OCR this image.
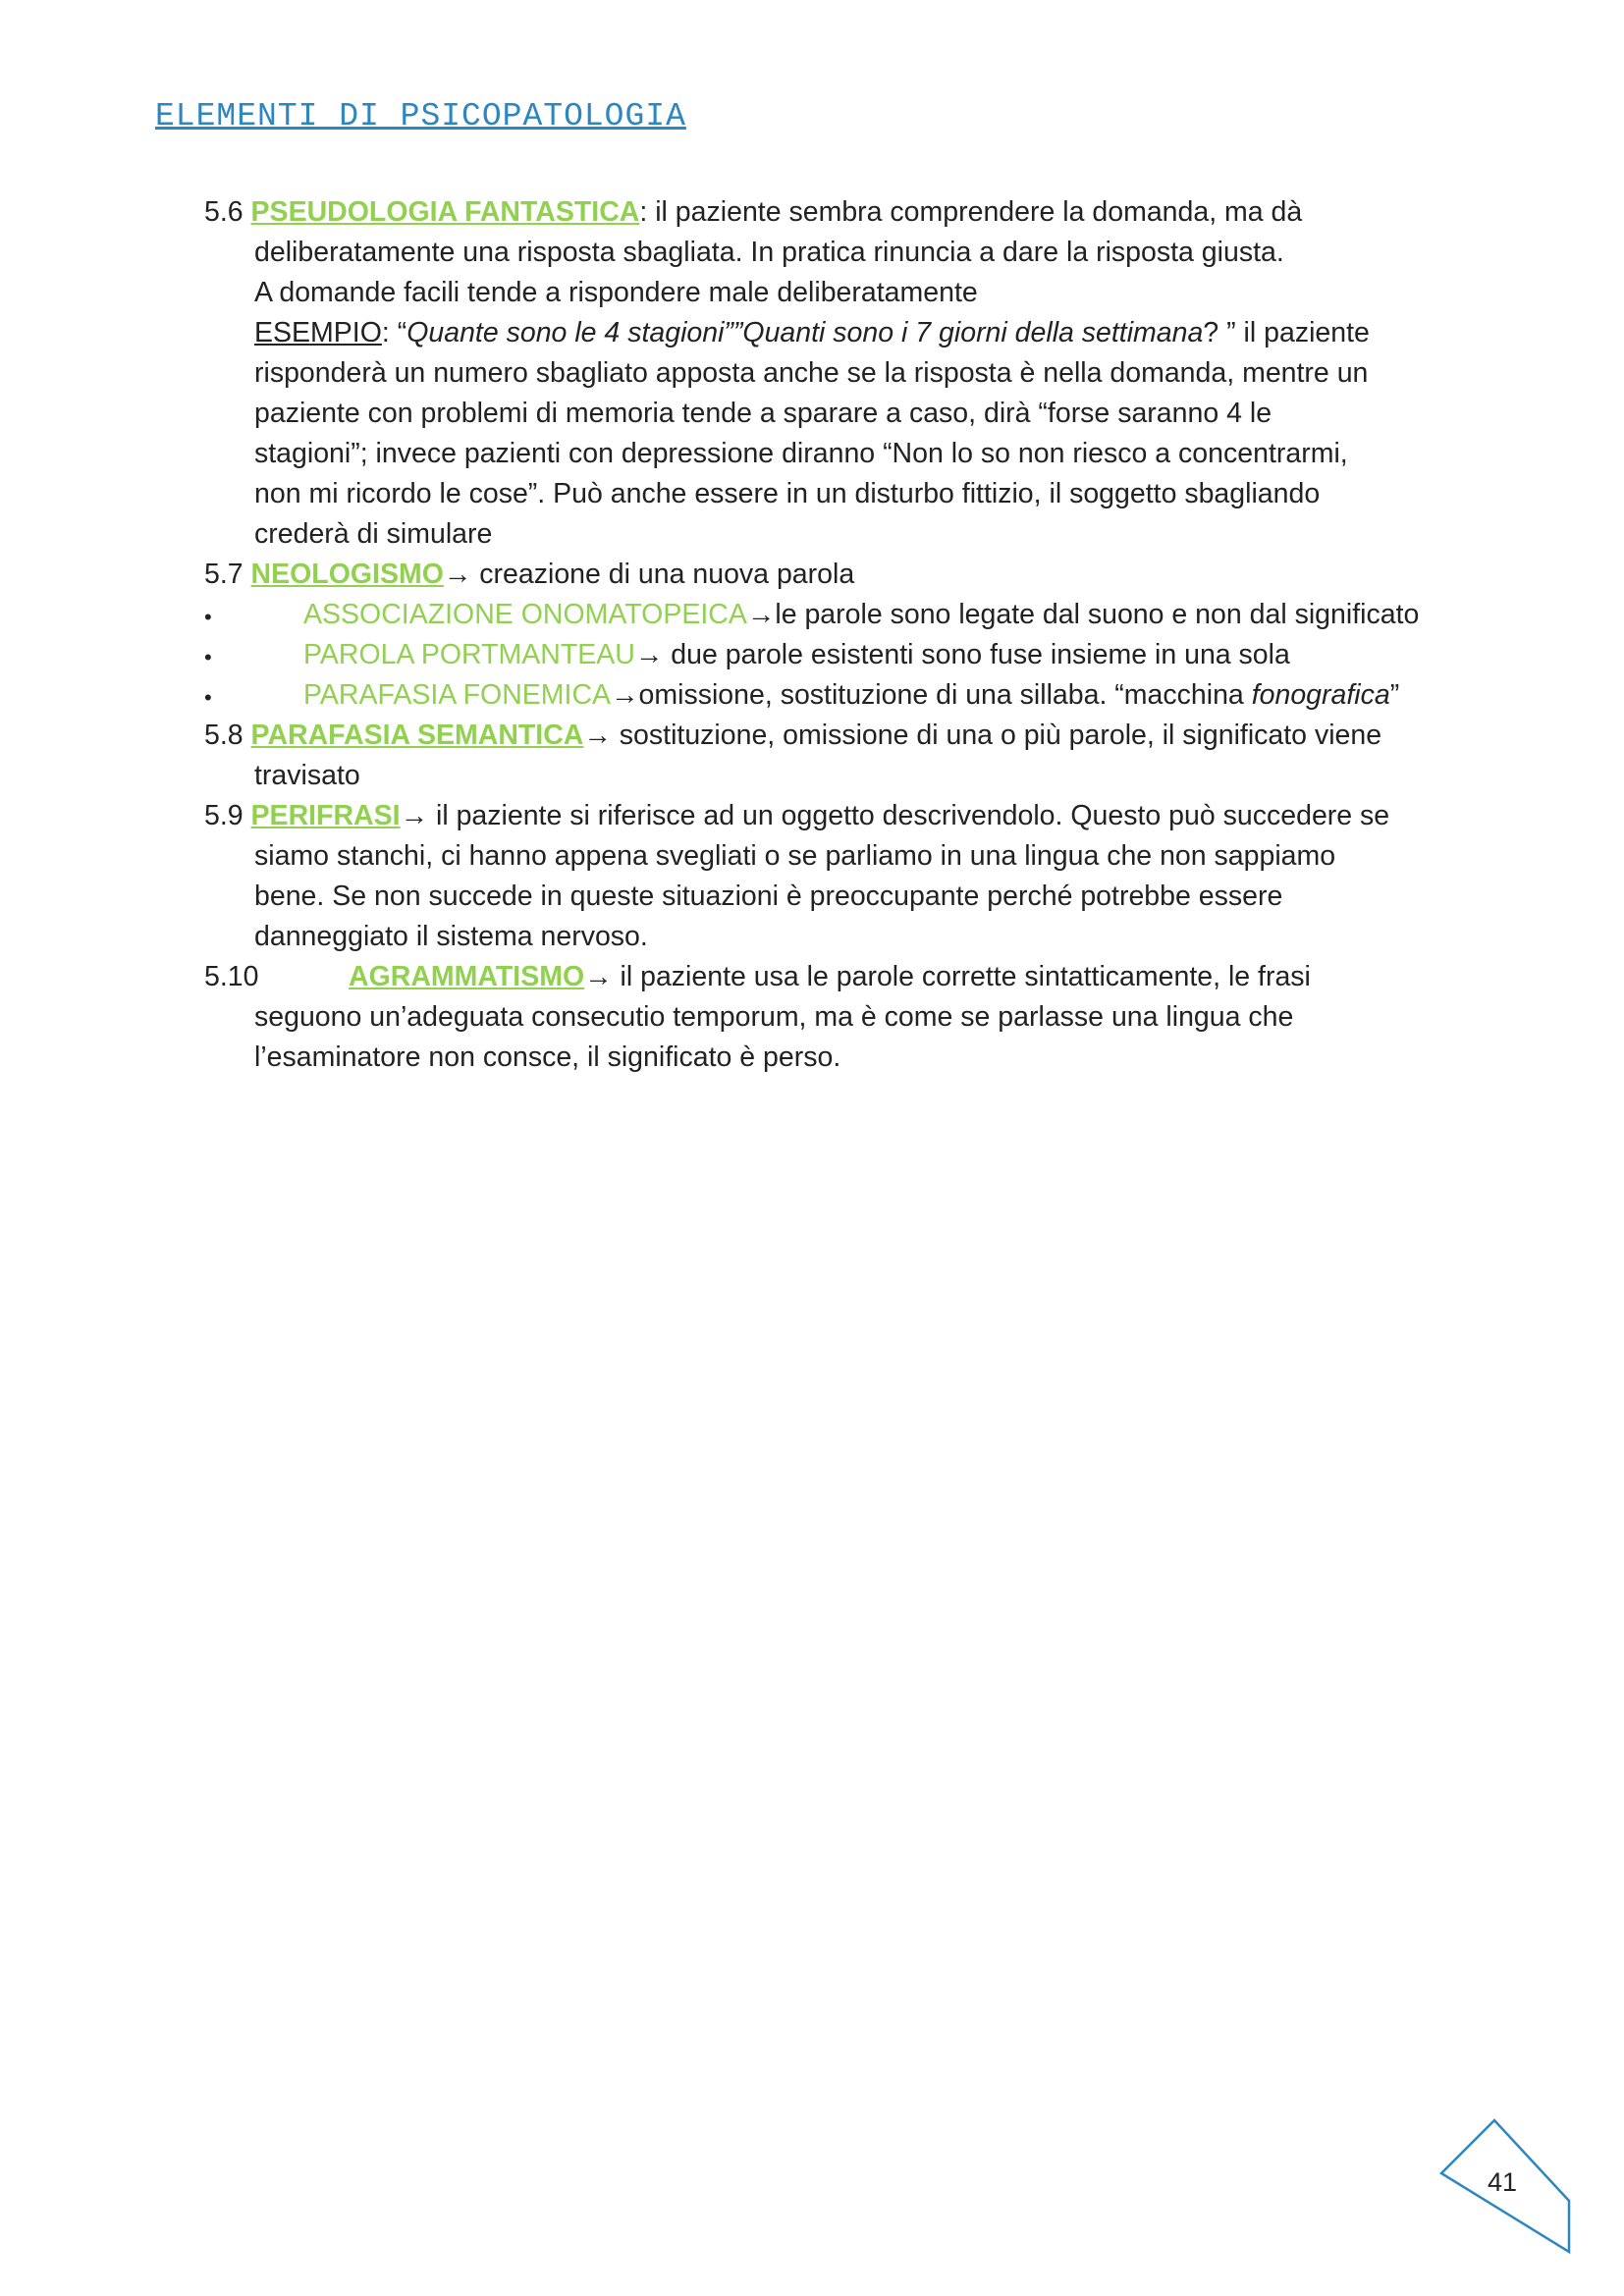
ELEMENTI DI PSICOPATOLOGIA
5.6 PSEUDOLOGIA FANTASTICA: il paziente sembra comprendere la domanda, ma dà
deliberatamente una risposta sbagliata. In pratica rinuncia a dare la risposta giusta.
A domande facili tende a rispondere male deliberatamente
ESEMPIO: “Quante sono le 4 stagioni””Quanti sono i 7 giorni della settimana? ” il paziente
risponderà un numero sbagliato apposta anche se la risposta è nella domanda, mentre un
paziente con problemi di memoria tende a sparare a caso, dirà “forse saranno 4 le
stagioni”; invece pazienti con depressione diranno “Non lo so non riesco a concentrarmi,
non mi ricordo le cose”. Può anche essere in un disturbo fittizio, il soggetto sbagliando
crederà di simulare
5.7 NEOLOGISMO→ creazione di una nuova parola
•	ASSOCIAZIONE ONOMATOPEICA→le parole sono legate dal suono e non dal significato
•	PAROLA PORTMANTEAU→ due parole esistenti sono fuse insieme in una sola
•	PARAFASIA FONEMICA→omissione, sostituzione di una sillaba. “macchina fonografica”
5.8 PARAFASIA SEMANTICA→ sostituzione, omissione di una o più parole, il significato viene
travisato
5.9 PERIFRASI→ il paziente si riferisce ad un oggetto descrivendolo. Questo può succedere se
siamo stanchi, ci hanno appena svegliati o se parliamo in una lingua che non sappiamo
bene. Se non succede in queste situazioni è preoccupante perché potrebbe essere
danneggiato il sistema nervoso.
5.10	AGRAMMATISMO→ il paziente usa le parole corrette sintatticamente, le frasi
seguono un’adeguata consecutio temporum, ma è come se parlasse una lingua che
l’esaminatore non consce, il significato è perso.
41
